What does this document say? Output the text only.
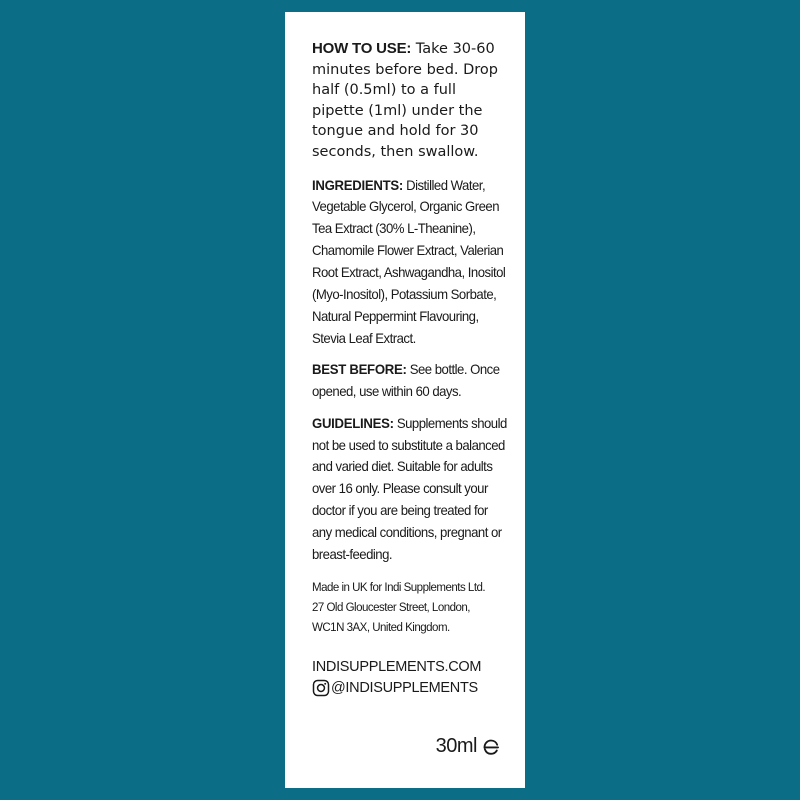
HOW TO USE: Take 30-60 minutes before bed. Drop half (0.5ml) to a full pipette (1ml) under the tongue and hold for 30 seconds, then swallow.

INGREDIENTS: Distilled Water, Vegetable Glycerol, Organic Green Tea Extract (30% L-Theanine), Chamomile Flower Extract, Valerian Root Extract, Ashwagandha, Inositol (Myo-Inositol), Potassium Sorbate, Natural Peppermint Flavouring, Stevia Leaf Extract.

BEST BEFORE: See bottle. Once opened, use within 60 days.

GUIDELINES: Supplements should not be used to substitute a balanced and varied diet. Suitable for adults over 16 only. Please consult your doctor if you are being treated for any medical conditions, pregnant or breast-feeding.

Made in UK for Indi Supplements Ltd.
27 Old Gloucester Street, London,
WC1N 3AX, United Kingdom.
INDISUPPLEMENTS.COM
@INDISUPPLEMENTS
30ml
